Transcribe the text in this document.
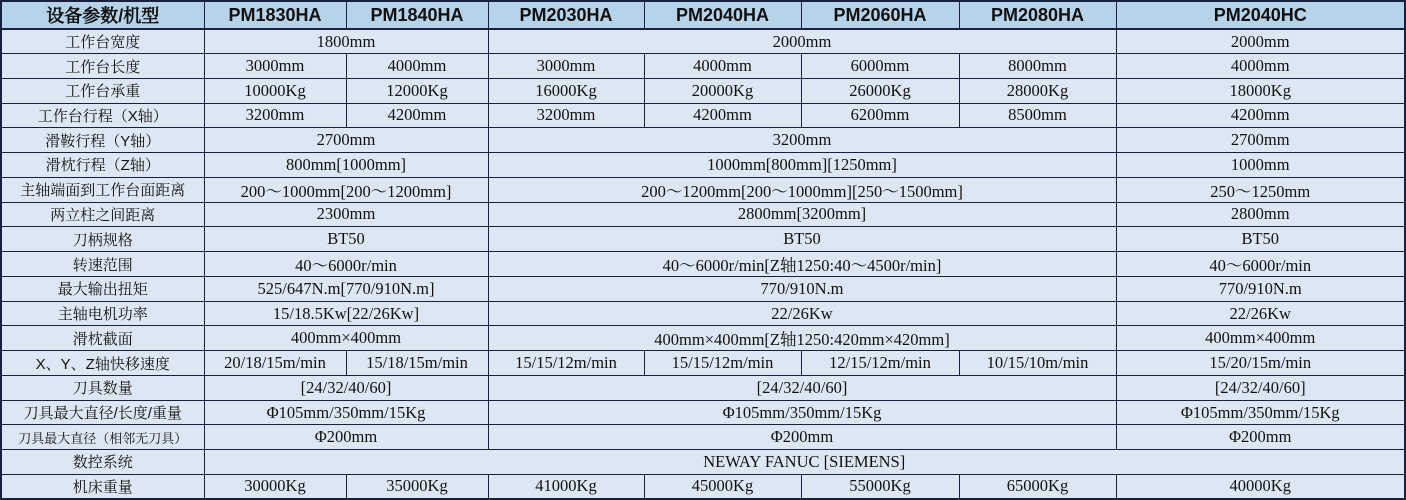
设备参数/机型	PM1830HA	PM1840HA	PM2030HA	PM2040HA	PM2060HA	PM2080HA	PM2040HC
工作台宽度	1800mm		2000mm				2000mm
工作台长度	3000mm	4000mm	3000mm	4000mm	6000mm	8000mm	4000mm
工作台承重	10000Kg	12000Kg	16000Kg	20000Kg	26000Kg	28000Kg	18000Kg
工作台行程（X轴）	3200mm	4200mm	3200mm	4200mm	6200mm	8500mm	4200mm
滑鞍行程（Y轴）	2700mm		3200mm				2700mm
滑枕行程（Z轴）	800mm[1000mm]		1000mm[800mm][1250mm]				1000mm
主轴端面到工作台面距离	200～1000mm[200～1200mm]		200～1200mm[200～1000mm][250～1500mm]				250～1250mm
两立柱之间距离	2300mm		2800mm[3200mm]				2800mm
刀柄规格	BT50		BT50				BT50
转速范围	40～6000r/min		40～6000r/min[Z轴1250:40～4500r/min]				40～6000r/min
最大输出扭矩	525/647N.m[770/910N.m]		770/910N.m				770/910N.m
主轴电机功率	15/18.5Kw[22/26Kw]		22/26Kw				22/26Kw
滑枕截面	400mm×400mm		400mm×400mm[Z轴1250:420mm×420mm]				400mm×400mm
X、Y、Z轴快移速度	20/18/15m/min	15/18/15m/min	15/15/12m/min	15/15/12m/min	12/15/12m/min	10/15/10m/min	15/20/15m/min
刀具数量	[24/32/40/60]		[24/32/40/60]				[24/32/40/60]
刀具最大直径/长度/重量	Φ105mm/350mm/15Kg		Φ105mm/350mm/15Kg				Φ105mm/350mm/15Kg
刀具最大直径（相邻无刀具）	Φ200mm		Φ200mm				Φ200mm
数控系统	NEWAY FANUC [SIEMENS]						
机床重量	30000Kg	35000Kg	41000Kg	45000Kg	55000Kg	65000Kg	40000Kg
